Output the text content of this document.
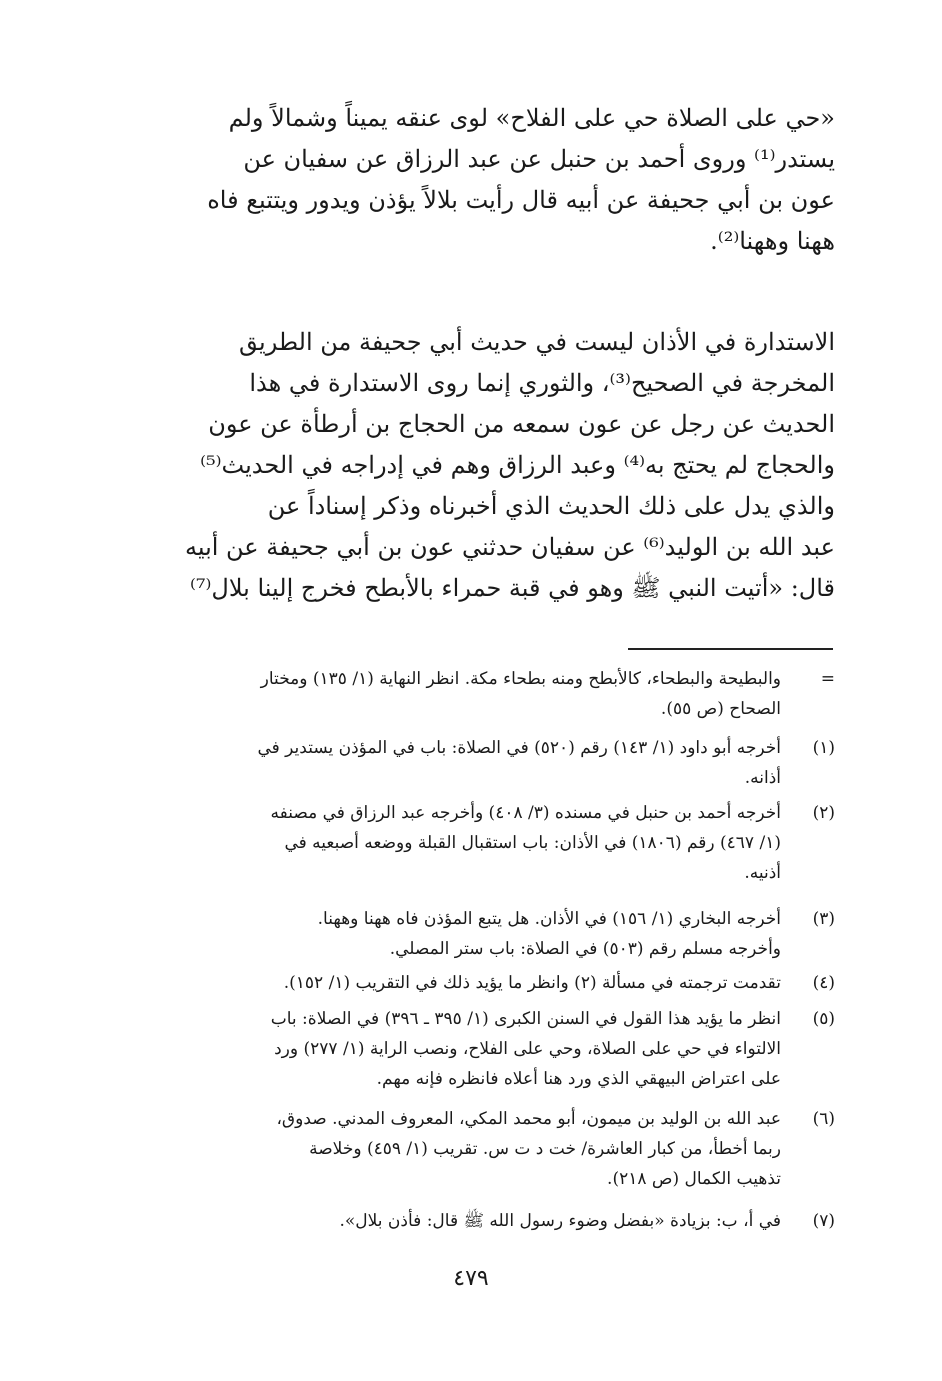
«حي على الصلاة حي على الفلاح» لوى عنقه يميناً وشمالاً ولم
يستدر⁽¹⁾ وروى أحمد بن حنبل عن عبد الرزاق عن سفيان عن
عون بن أبي جحيفة عن أبيه قال رأيت بلالاً يؤذن ويدور ويتتبع فاه
ههنا وههنا⁽²⁾.
الاستدارة في الأذان ليست في حديث أبي جحيفة من الطريق
المخرجة في الصحيح⁽³⁾، والثوري إنما روى الاستدارة في هذا
الحديث عن رجل عن عون سمعه من الحجاج بن أرطأة عن عون
والحجاج لم يحتج به⁽⁴⁾ وعبد الرزاق وهم في إدراجه في الحديث⁽⁵⁾
والذي يدل على ذلك الحديث الذي أخبرناه وذكر إسناداً عن
عبد الله بن الوليد⁽⁶⁾ عن سفيان حدثني عون بن أبي جحيفة عن أبيه
قال: «أتيت النبي ﷺ وهو في قبة حمراء بالأبطح فخرج إلينا بلال⁽⁷⁾
=
والبطيحة والبطحاء، كالأبطح ومنه بطحاء مكة. انظر النهاية (١/ ١٣٥) ومختار
الصحاح (ص ٥٥).
(١)
أخرجه أبو داود (١/ ١٤٣) رقم (٥٢٠) في الصلاة: باب في المؤذن يستدير في
أذانه.
(٢)
أخرجه أحمد بن حنبل في مسنده (٣/ ٤٠٨) وأخرجه عبد الرزاق في مصنفه
(١/ ٤٦٧) رقم (١٨٠٦) في الأذان: باب استقبال القبلة ووضعه أصبعيه في
أذنيه.
(٣)
أخرجه البخاري (١/ ١٥٦) في الأذان. هل يتبع المؤذن فاه ههنا وههنا.
وأخرجه مسلم رقم (٥٠٣) في الصلاة: باب ستر المصلي.
(٤)
تقدمت ترجمته في مسألة (٢) وانظر ما يؤيد ذلك في التقريب (١/ ١٥٢).
(٥)
انظر ما يؤيد هذا القول في السنن الكبرى (١/ ٣٩٥ ـ ٣٩٦) في الصلاة: باب
الالتواء في حي على الصلاة، وحي على الفلاح، ونصب الراية (١/ ٢٧٧) ورد
على اعتراض البيهقي الذي ورد هنا أعلاه فانظره فإنه مهم.
(٦)
عبد الله بن الوليد بن ميمون، أبو محمد المكي، المعروف المدني. صدوق،
ربما أخطأ، من كبار العاشرة/ خت د ت س. تقريب (١/ ٤٥٩) وخلاصة
تذهيب الكمال (ص ٢١٨).
(٧)
في أ، ب: بزيادة «بفضل وضوء رسول الله ﷺ قال: فأذن بلال».
٤٧٩
